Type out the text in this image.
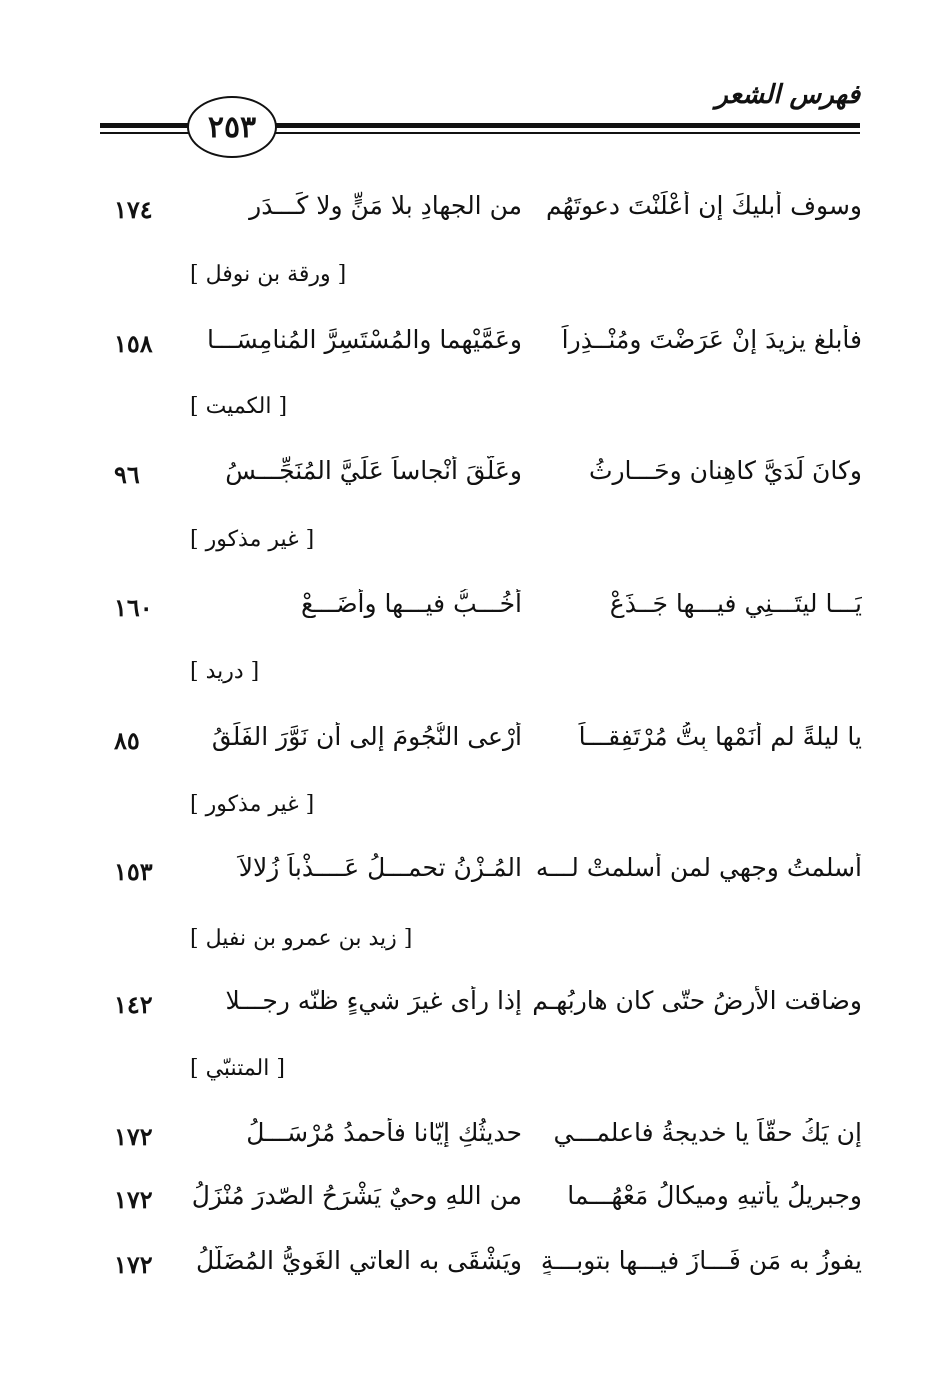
فهرس الشعر
٢٥٣
وسوف أبليكَ إن أَعْلَنْتَ دعوتَهُم
من الجهادِ بلا مَنٍّ ولا كَـــدَرِ
١٧٤
[ ورقة بن نوفل ]
فأبلغ يزيدَ إنْ عَرَضْتَ ومُنْــذِراً
وعَمَّيْهِما والمُسْتَسِرَّ المُنامِسَـــا
١٥٨
[ الكميت ]
وكانَ لَدَيَّ كاهِنانِ وحَـــارِثُ
وعَلَّقَ أنْجاساً عَلَيَّ المُنَجِّـــسُ
٩٦
[ غير مذكور ]
يَـــا ليتَـــنِي فيـــها جَــذَعْ
أَخُـــبُّ فيـــها وأضَـــعْ
١٦٠
[ دريد ]
يا ليلةً لم أَنَمْها بِتُّ مُرْتَفِقـــاً
أَرْعى النُّجُومَ إلى أن نَوَّرَ الفَلَقُ
٨٥
[ غير مذكور ]
أسلمتُ وجهي لمن أسلمتْ لـــه
المُـزْنُ تحمـــلُ عَــــذْباً زُلالاَ
١٥٣
[ زيد بن عمرو بن نفيل ]
وضاقت الأرضُ حتّى كان هاربُهـم
إذا رأى غيرَ شيءٍ ظنّه رجـــلا
١٤٢
[ المتنبّي ]
إن يَكُ حقّاً يا خديجةُ فاعلمـــي
حديثُكِ إيّانا فأحمدُ مُرْسَـــلُ
١٧٢
وجبريلُ يأتيهِ وميكالُ مَعْهُـــما
من اللهِ وحيٌ يَشْرَحُ الصّدرَ مُنْزَلُ
١٧٢
يفوزُ به مَن فَـــازَ فيـــها بتوبـــةٍ
ويَشْقَى به العاتي الغَوِيُّ المُضَلَّلُ
١٧٢
